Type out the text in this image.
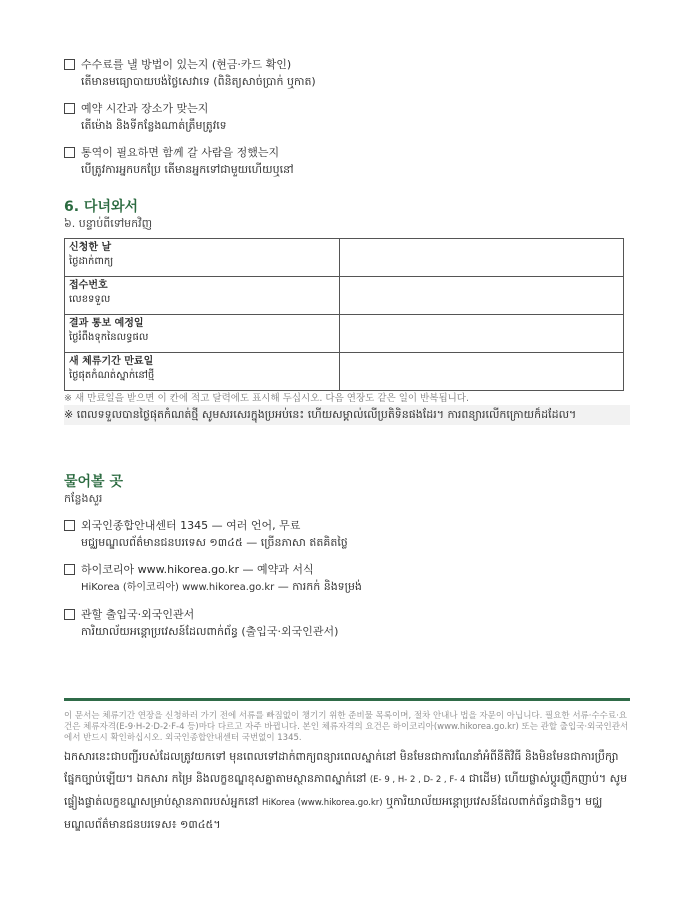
수수료를 낼 방법이 있는지 (현금·카드 확인)
តើមានមធ្យោបាយបង់ថ្លៃសេវាទេ (ពិនិត្យសាច់ប្រាក់ ឬកាត)
예약 시간과 장소가 맞는지
តើម៉ោង និងទីកន្លែងណាត់ត្រឹមត្រូវទេ
통역이 필요하면 함께 갈 사람을 정했는지
បើត្រូវការអ្នកបកប្រែ តើមានអ្នកទៅជាមួយហើយឬនៅ
6. 다녀와서
៦. បន្ទាប់ពីទៅមកវិញ
신청한 날
ថ្ងៃដាក់ពាក្យ	

접수번호
លេខទទួល	

결과 통보 예정일
ថ្ងៃរំពឹងទុកនៃលទ្ធផល	

새 체류기간 만료일
ថ្ងៃផុតកំណត់ស្នាក់នៅថ្មី	
※ 새 만료일을 받으면 이 칸에 적고 달력에도 표시해 두십시오. 다음 연장도 같은 일이 반복됩니다.
※ ពេលទទួលបានថ្ងៃផុតកំណត់ថ្មី សូមសរសេរក្នុងប្រអប់នេះ ហើយសម្គាល់លើប្រតិទិនផងដែរ។ ការពន្យារលើកក្រោយក៏ដដែល។
물어볼 곳
កន្លែងសួរ
외국인종합안내센터 1345 — 여러 언어, 무료
មជ្ឈមណ្ឌលព័ត៌មានជនបរទេស ១៣៤៥ — ច្រើនភាសា ឥតគិតថ្លៃ
하이코리아 www.hikorea.go.kr — 예약과 서식
HiKorea (하이코리아) www.hikorea.go.kr — ការកក់ និងទម្រង់
관할 출입국·외국인관서
ការិយាល័យអន្តោប្រវេសន៍ដែលពាក់ព័ន្ធ (출입국·외국인관서)
이 문서는 체류기간 연장을 신청하러 가기 전에 서류를 빠짐없이 챙기기 위한 준비물 목록이며, 절차 안내나 법을 자문이 아닙니다. 필요한 서류·수수료·요건은 체류자격(E-9·H-2·D-2·F-4 등)마다 다르고 자주 바뀝니다. 본인 체류자격의 요건은 하이코리아(www.hikorea.go.kr) 또는 관할 출입국·외국인관서에서 반드시 확인하십시오. 외국인종합안내센터 국번없이 1345.
ឯកសារនេះជាបញ្ជីរបស់ដែលត្រូវយកទៅ មុនពេលទៅដាក់ពាក្យពន្យារពេលស្នាក់នៅ មិនមែនជាការណែនាំអំពីនីតិវិធី និងមិនមែនជាការប្រឹក្សាផ្នែកច្បាប់ឡើយ។ ឯកសារ កម្រៃ និងលក្ខខណ្ឌខុសគ្នាតាមស្ថានភាពស្នាក់នៅ (E- 9 , H- 2 , D- 2 , F- 4 ជាដើម) ហើយផ្លាស់ប្តូរញឹកញាប់។ សូមផ្ទៀងផ្ទាត់លក្ខខណ្ឌសម្រាប់ស្ថានភាពរបស់អ្នកនៅ HiKorea (www.hikorea.go.kr) ឬការិយាល័យអន្តោប្រវេសន៍ដែលពាក់ព័ន្ធជានិច្ច។ មជ្ឈមណ្ឌលព័ត៌មានជនបរទេស៖ ១៣៤៥។
